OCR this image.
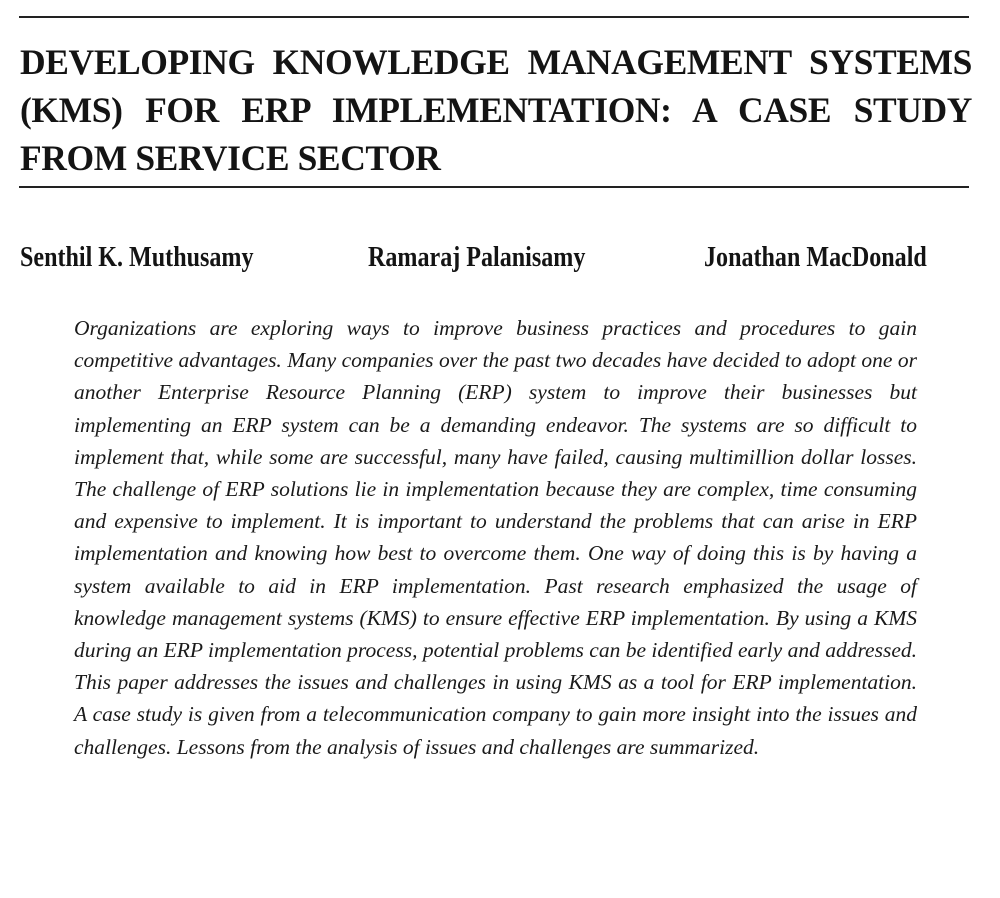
DEVELOPING KNOWLEDGE MANAGEMENT SYSTEMS
(KMS) FOR ERP IMPLEMENTATION: A CASE STUDY
FROM SERVICE SECTOR
Senthil K. Muthusamy	Ramaraj Palanisamy	Jonathan MacDonald

Organizations are exploring ways to improve business practices and procedures to gain competitive advantages. Many companies over the past two decades have decided to adopt one or another Enterprise Resource Planning (ERP) system to improve their businesses but implementing an ERP system can be a demanding endeavor. The systems are so difficult to implement that, while some are successful, many have failed, causing multimillion dollar losses. The challenge of ERP solutions lie in implementation because they are complex, time consuming and expensive to implement. It is important to understand the problems that can arise in ERP implementation and knowing how best to overcome them. One way of doing this is by having a system available to aid in ERP implementation. Past research emphasized the usage of knowledge management systems (KMS) to ensure effective ERP implementation. By using a KMS during an ERP implementation process, potential problems can be identified early and addressed. This paper addresses the issues and challenges in using KMS as a tool for ERP implementation. A case study is given from a telecommunication company to gain more insight into the issues and challenges. Lessons from the analysis of issues and challenges are summarized.
